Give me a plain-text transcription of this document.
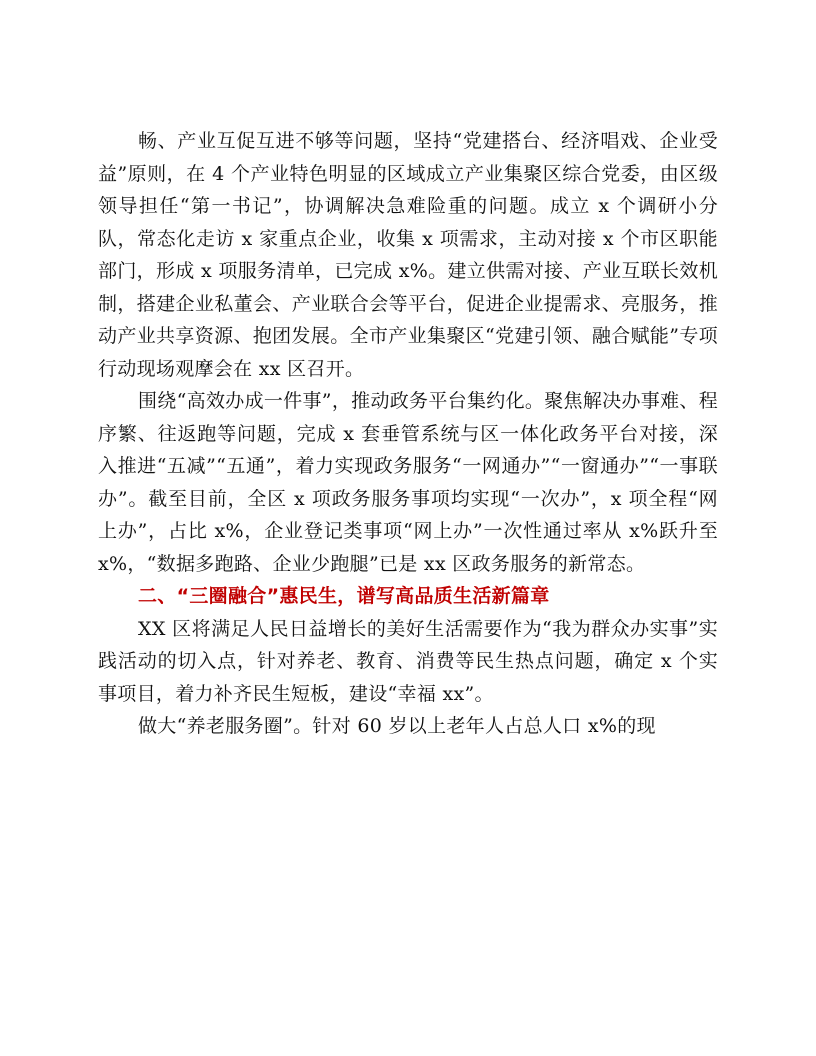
畅、产业互促互进不够等问题，坚持“党建搭台、经济唱戏、企业受益”原则，在 4 个产业特色明显的区域成立产业集聚区综合党委，由区级领导担任“第一书记”，协调解决急难险重的问题。成立 x 个调研小分队，常态化走访 x 家重点企业，收集 x 项需求，主动对接 x 个市区职能部门，形成 x 项服务清单，已完成 x%。建立供需对接、产业互联长效机制，搭建企业私董会、产业联合会等平台，促进企业提需求、亮服务，推动产业共享资源、抱团发展。全市产业集聚区“党建引领、融合赋能”专项行动现场观摩会在 xx 区召开。

围绕“高效办成一件事”，推动政务平台集约化。聚焦解决办事难、程序繁、往返跑等问题，完成 x 套垂管系统与区一体化政务平台对接，深入推进“五减”“五通”，着力实现政务服务“一网通办”“一窗通办”“一事联办”。截至目前，全区 x 项政务服务事项均实现“一次办”，x 项全程“网上办”，占比 x%，企业登记类事项“网上办”一次性通过率从 x%跃升至 x%，“数据多跑路、企业少跑腿”已是 xx 区政务服务的新常态。

二、“三圈融合”惠民生，谱写高品质生活新篇章

XX 区将满足人民日益增长的美好生活需要作为“我为群众办实事”实践活动的切入点，针对养老、教育、消费等民生热点问题，确定 x 个实事项目，着力补齐民生短板，建设“幸福 xx”。

做大“养老服务圈”。针对 60 岁以上老年人占总人口 x%的现
